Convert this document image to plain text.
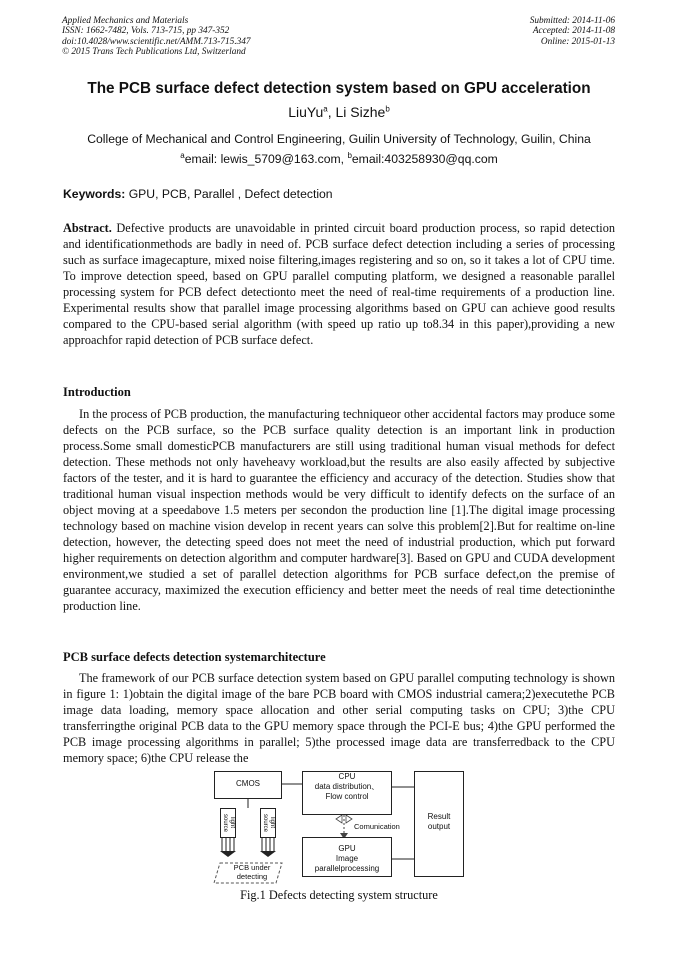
Applied Mechanics and Materials
ISSN: 1662-7482, Vols. 713-715, pp 347-352
doi:10.4028/www.scientific.net/AMM.713-715.347
© 2015 Trans Tech Publications Ltd, Switzerland
Submitted: 2014-11-06
Accepted: 2014-11-08
Online: 2015-01-13
The PCB surface defect detection system based on GPU acceleration
LiuYu$^a$, Li Sizhe$^b$
College of Mechanical and Control Engineering, Guilin University of Technology, Guilin, China
$^a$email: lewis_5709@163.com, $^b$email:403258930@qq.com
Keywords: GPU, PCB, Parallel , Defect detection

Abstract. Defective products are unavoidable in printed circuit board production process, so rapid detection and identificationmethods are badly in need of. PCB surface defect detection including a series of processing such as surface imagecapture, mixed noise filtering,images registering and so on, so it takes a lot of CPU time. To improve detection speed, based on GPU parallel computing platform, we designed a reasonable parallel processing system for PCB defect detectionto meet the need of real-time requirements of a production line. Experimental results show that parallel image processing algorithms based on GPU can achieve good results compared to the CPU-based serial algorithm (with speed up ratio up to8.34 in this paper),providing a new approachfor rapid detection of PCB surface defect.

Introduction

In the process of PCB production, the manufacturing techniqueor other accidental factors may produce some defects on the PCB surface, so the PCB surface quality detection is an important link in production process.Some small domesticPCB manufacturers are still using traditional human visual methods for defect detection. These methods not only haveheavy workload,but the results are also easily affected by subjective factors of the tester, and it is hard to guarantee the efficiency and accuracy of the detection. Studies show that traditional human visual inspection methods would be very difficult to identify defects on the surface of an object moving at a speedabove 1.5 meters per secondon the production line [1].The digital image processing technology based on machine vision develop in recent years can solve this problem[2].But for realtime on-line detection, however, the detecting speed does not meet the need of industrial production, which put forward higher requirements on detection algorithm and computer hardware[3]. Based on GPU and CUDA development environment,we studied a set of parallel detection algorithms for PCB surface defect,on the premise of guarantee accuracy, maximized the execution efficiency and better meet the needs of real time detectioninthe production line.

PCB surface defects detection systemarchitecture

The framework of our PCB surface detection system based on GPU parallel computing technology is shown in figure 1: 1)obtain the digital image of the bare PCB board with CMOS industrial camera;2)executethe PCB image data loading, memory space allocation and other serial computing tasks on CPU; 3)the CPU transferringthe original PCB data to the GPU memory space through the PCI-E bus; 4)the GPU performed the PCB image processing algorithms in parallel; 5)the processed image data are transferredback to the CPU memory space; 6)the CPU release the

CMOS
CPU
data distribution、
Flow control
GPU
Image parallelprocessing
Result
output
Comunication
light source	light source
PCB under
detecting
Fig.1 Defects detecting system structure
